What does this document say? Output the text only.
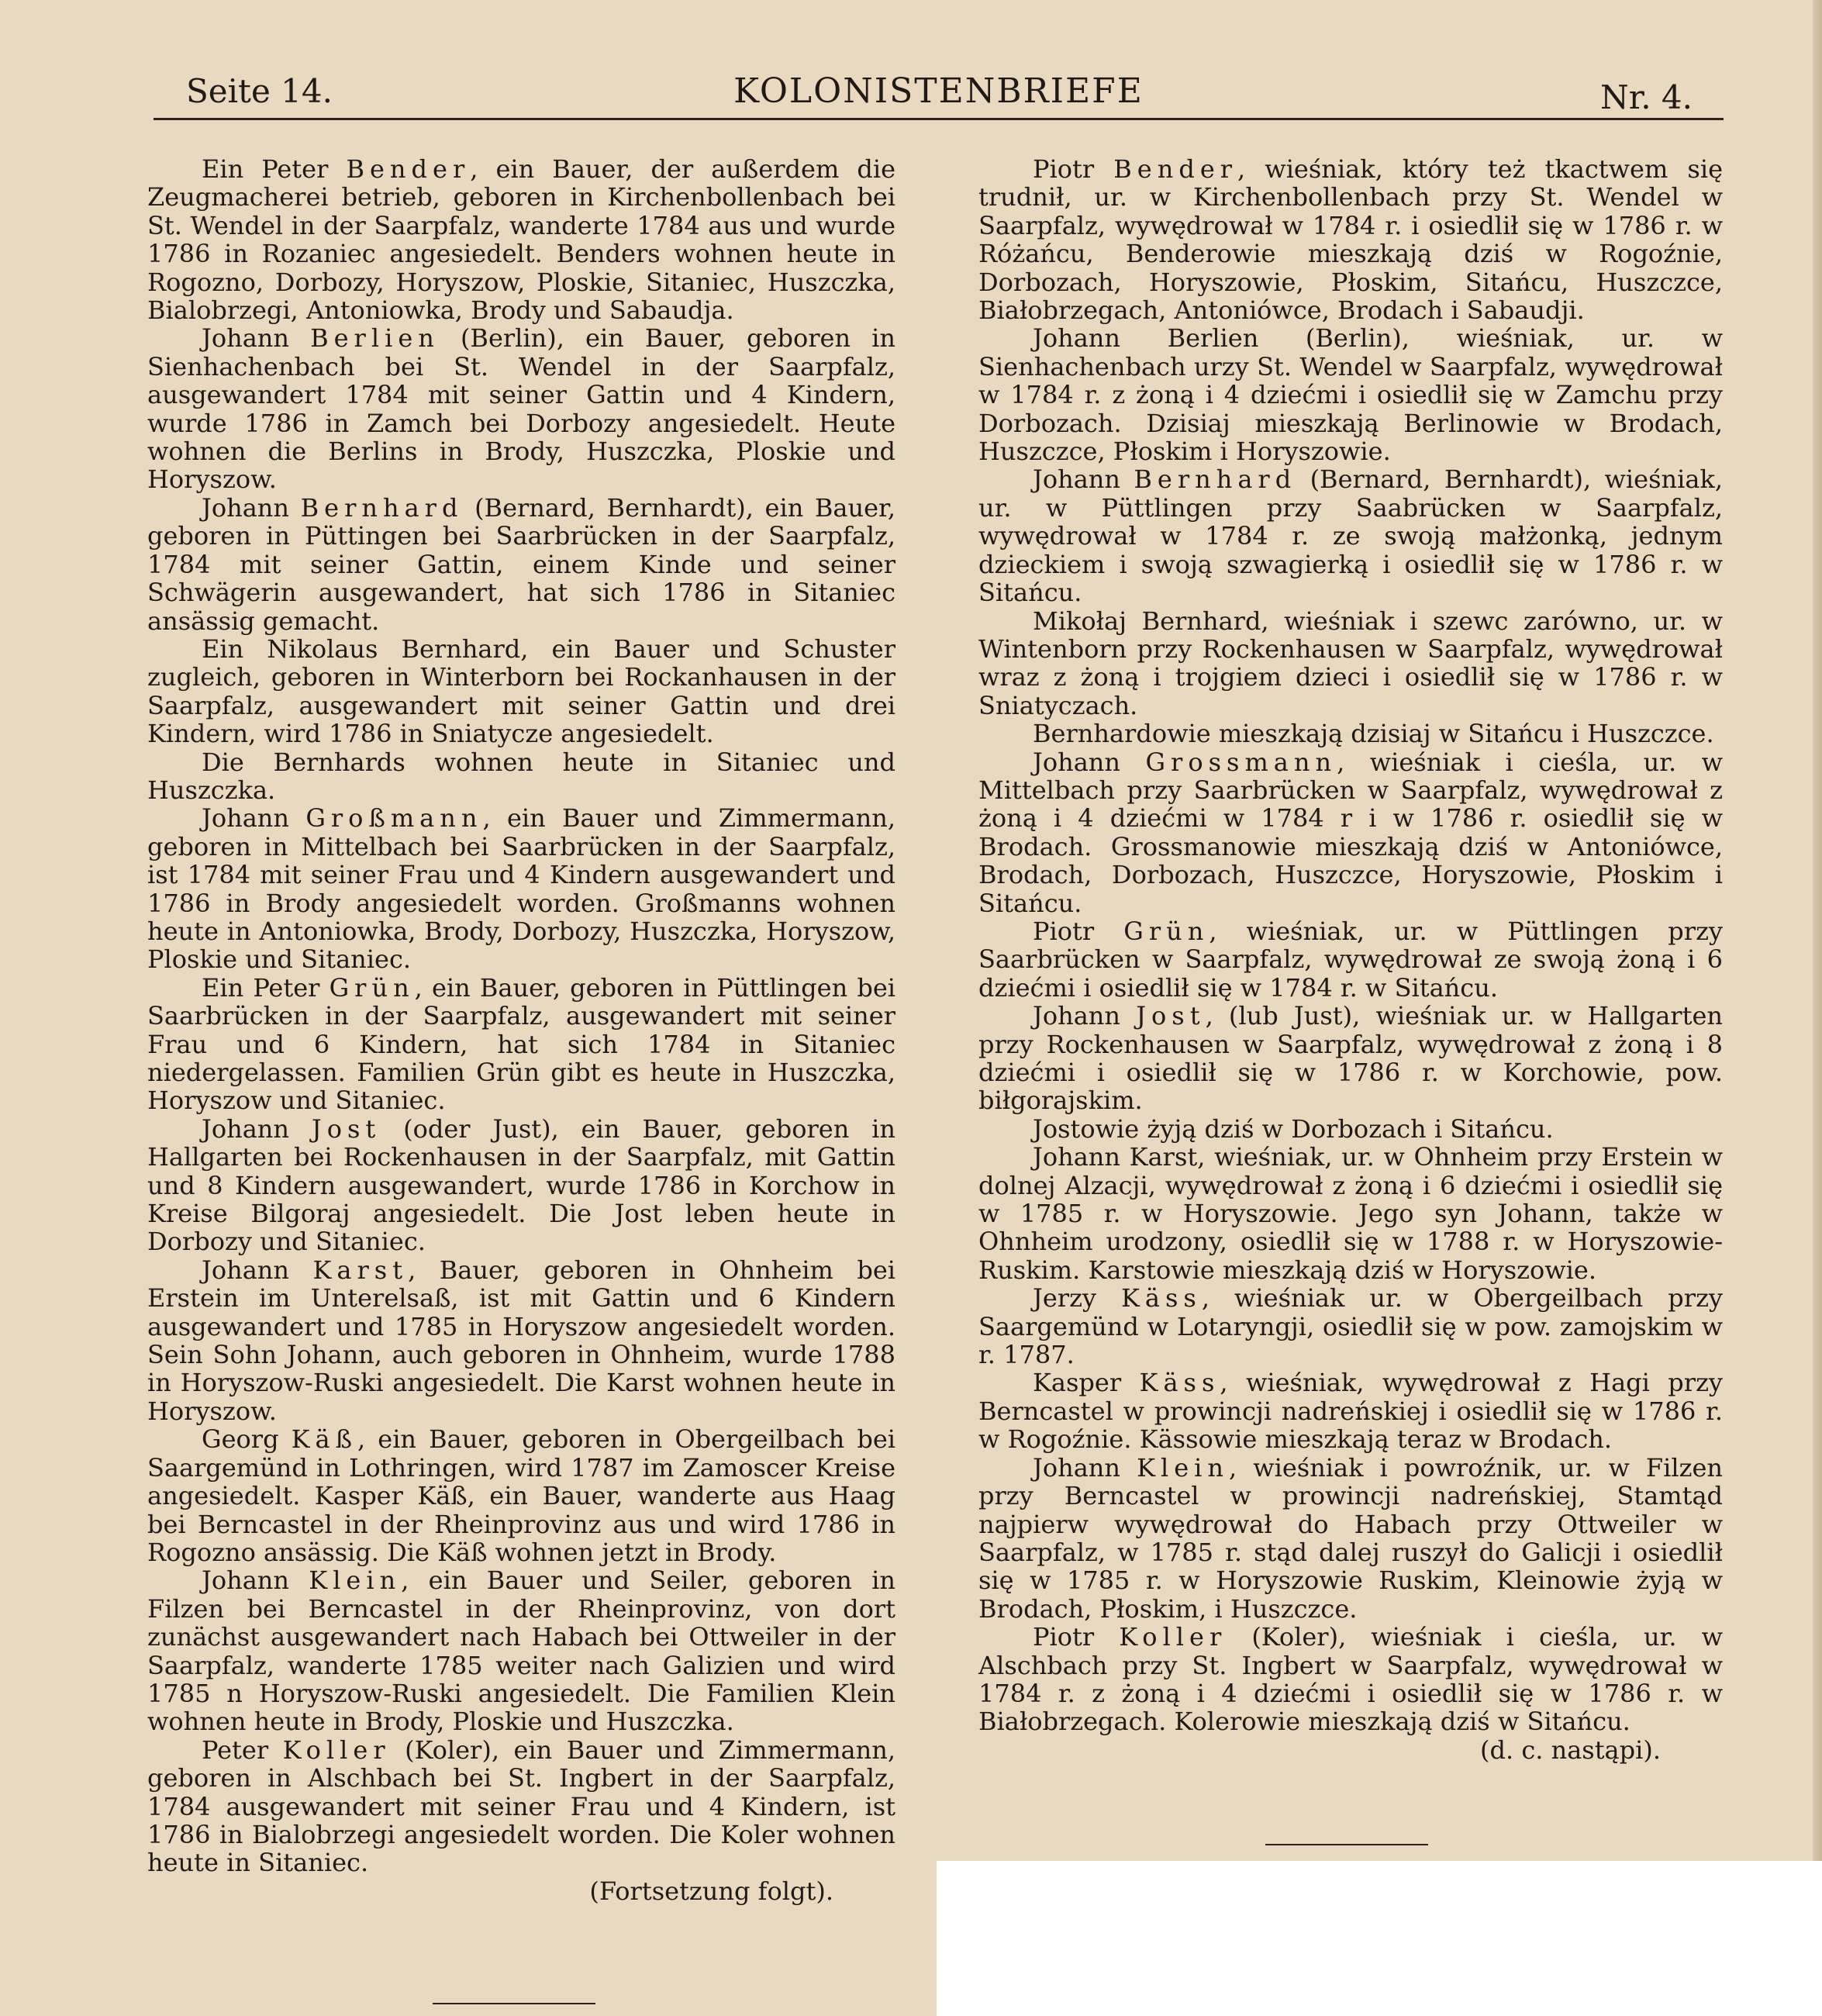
Seite 14.	KOLONISTENBRIEFE	Nr. 4.

Ein Peter Bender, ein Bauer, der außerdem die Zeugmacherei betrieb, geboren in Kirchenbollenbach bei St. Wendel in der Saarpfalz, wanderte 1784 aus und wurde 1786 in Rozaniec angesiedelt. Benders wohnen heute in Rogozno, Dorbozy, Horyszow, Ploskie, Sitaniec, Huszczka, Bialobrzegi, Antoniowka, Brody und Sabaudja.

Johann Berlien (Berlin), ein Bauer, geboren in Sienhachenbach bei St. Wendel in der Saarpfalz, ausgewandert 1784 mit seiner Gattin und 4 Kindern, wurde 1786 in Zamch bei Dorbozy angesiedelt. Heute wohnen die Berlins in Brody, Huszczka, Ploskie und Horyszow.

Johann Bernhard (Bernard, Bernhardt), ein Bauer, geboren in Püttingen bei Saarbrücken in der Saarpfalz, 1784 mit seiner Gattin, einem Kinde und seiner Schwägerin ausgewandert, hat sich 1786 in Sitaniec ansässig gemacht.

Ein Nikolaus Bernhard, ein Bauer und Schuster zugleich, geboren in Winterborn bei Rockanhausen in der Saarpfalz, ausgewandert mit seiner Gattin und drei Kindern, wird 1786 in Sniatycze angesiedelt.

Die Bernhards wohnen heute in Sitaniec und Huszczka.

Johann Großmann, ein Bauer und Zimmermann, geboren in Mittelbach bei Saarbrücken in der Saarpfalz, ist 1784 mit seiner Frau und 4 Kindern ausgewandert und 1786 in Brody angesiedelt worden. Großmanns wohnen heute in Antoniowka, Brody, Dorbozy, Huszczka, Horyszow, Ploskie und Sitaniec.

Ein Peter Grün, ein Bauer, geboren in Püttlingen bei Saarbrücken in der Saarpfalz, ausgewandert mit seiner Frau und 6 Kindern, hat sich 1784 in Sitaniec niedergelassen. Familien Grün gibt es heute in Huszczka, Horyszow und Sitaniec.

Johann Jost (oder Just), ein Bauer, geboren in Hallgarten bei Rockenhausen in der Saarpfalz, mit Gattin und 8 Kindern ausgewandert, wurde 1786 in Korchow in Kreise Bilgoraj angesiedelt. Die Jost leben heute in Dorbozy und Sitaniec.

Johann Karst, Bauer, geboren in Ohnheim bei Erstein im Unterelsaß, ist mit Gattin und 6 Kindern ausgewandert und 1785 in Horyszow angesiedelt worden. Sein Sohn Johann, auch geboren in Ohnheim, wurde 1788 in Horyszow-Ruski angesiedelt. Die Karst wohnen heute in Horyszow.

Georg Käß, ein Bauer, geboren in Obergeilbach bei Saargemünd in Lothringen, wird 1787 im Zamoscer Kreise angesiedelt. Kasper Käß, ein Bauer, wanderte aus Haag bei Berncastel in der Rheinprovinz aus und wird 1786 in Rogozno ansässig. Die Käß wohnen jetzt in Brody.

Johann Klein, ein Bauer und Seiler, geboren in Filzen bei Berncastel in der Rheinprovinz, von dort zunächst ausgewandert nach Habach bei Ottweiler in der Saarpfalz, wanderte 1785 weiter nach Galizien und wird 1785 n Horyszow-Ruski angesiedelt. Die Familien Klein wohnen heute in Brody, Ploskie und Huszczka.

Peter Koller (Koler), ein Bauer und Zimmermann, geboren in Alschbach bei St. Ingbert in der Saarpfalz, 1784 ausgewandert mit seiner Frau und 4 Kindern, ist 1786 in Bialobrzegi angesiedelt worden. Die Koler wohnen heute in Sitaniec.

(Fortsetzung folgt).

Piotr Bender, wieśniak, który też tkactwem się trudnił, ur. w Kirchenbollenbach przy St. Wendel w Saarpfalz, wywędrował w 1784 r. i osiedlił się w 1786 r. w Różańcu, Benderowie mieszkają dziś w Rogoźnie, Dorbozach, Horyszowie, Płoskim, Sitańcu, Huszczce, Białobrzegach, Antoniówce, Brodach i Sabaudji.

Johann Berlien (Berlin), wieśniak, ur. w Sienhachenbach urzy St. Wendel w Saarpfalz, wywędrował w 1784 r. z żoną i 4 dziećmi i osiedlił się w Zamchu przy Dorbozach. Dzisiaj mieszkają Berlinowie w Brodach, Huszczce, Płoskim i Horyszowie.

Johann Bernhard (Bernard, Bernhardt), wieśniak, ur. w Püttlingen przy Saabrücken w Saarpfalz, wywędrował w 1784 r. ze swoją małżonką, jednym dzieckiem i swoją szwagierką i osiedlił się w 1786 r. w Sitańcu.

Mikołaj Bernhard, wieśniak i szewc zarówno, ur. w Wintenborn przy Rockenhausen w Saarpfalz, wywędrował wraz z żoną i trojgiem dzieci i osiedlił się w 1786 r. w Sniatyczach.

Bernhardowie mieszkają dzisiaj w Sitańcu i Huszczce.

Johann Grossmann, wieśniak i cieśla, ur. w Mittelbach przy Saarbrücken w Saarpfalz, wywędrował z żoną i 4 dziećmi w 1784 r i w 1786 r. osiedlił się w Brodach. Grossmanowie mieszkają dziś w Antoniówce, Brodach, Dorbozach, Huszczce, Horyszowie, Płoskim i Sitańcu.

Piotr Grün, wieśniak, ur. w Püttlingen przy Saarbrücken w Saarpfalz, wywędrował ze swoją żoną i 6 dziećmi i osiedlił się w 1784 r. w Sitańcu.

Johann Jost, (lub Just), wieśniak ur. w Hallgarten przy Rockenhausen w Saarpfalz, wywędrował z żoną i 8 dziećmi i osiedlił się w 1786 r. w Korchowie, pow. biłgorajskim.

Jostowie żyją dziś w Dorbozach i Sitańcu.

Johann Karst, wieśniak, ur. w Ohnheim przy Erstein w dolnej Alzacji, wywędrował z żoną i 6 dziećmi i osiedlił się w 1785 r. w Horyszowie. Jego syn Johann, także w Ohnheim urodzony, osiedlił się w 1788 r. w Horyszowie-Ruskim. Karstowie mieszkają dziś w Horyszowie.

Jerzy Käss, wieśniak ur. w Obergeilbach przy Saargemünd w Lotaryngji, osiedlił się w pow. zamojskim w r. 1787.

Kasper Käss, wieśniak, wywędrował z Hagi przy Berncastel w prowincji nadreńskiej i osiedlił się w 1786 r. w Rogoźnie. Kässowie mieszkają teraz w Brodach.

Johann Klein, wieśniak i powroźnik, ur. w Filzen przy Berncastel w prowincji nadreńskiej, Stamtąd najpierw wywędrował do Habach przy Ottweiler w Saarpfalz, w 1785 r. stąd dalej ruszył do Galicji i osiedlił się w 1785 r. w Horyszowie Ruskim, Kleinowie żyją w Brodach, Płoskim, i Huszczce.

Piotr Koller (Koler), wieśniak i cieśla, ur. w Alschbach przy St. Ingbert w Saarpfalz, wywędrował w 1784 r. z żoną i 4 dziećmi i osiedlił się w 1786 r. w Białobrzegach. Kolerowie mieszkają dziś w Sitańcu.

(d. c. nastąpi).
